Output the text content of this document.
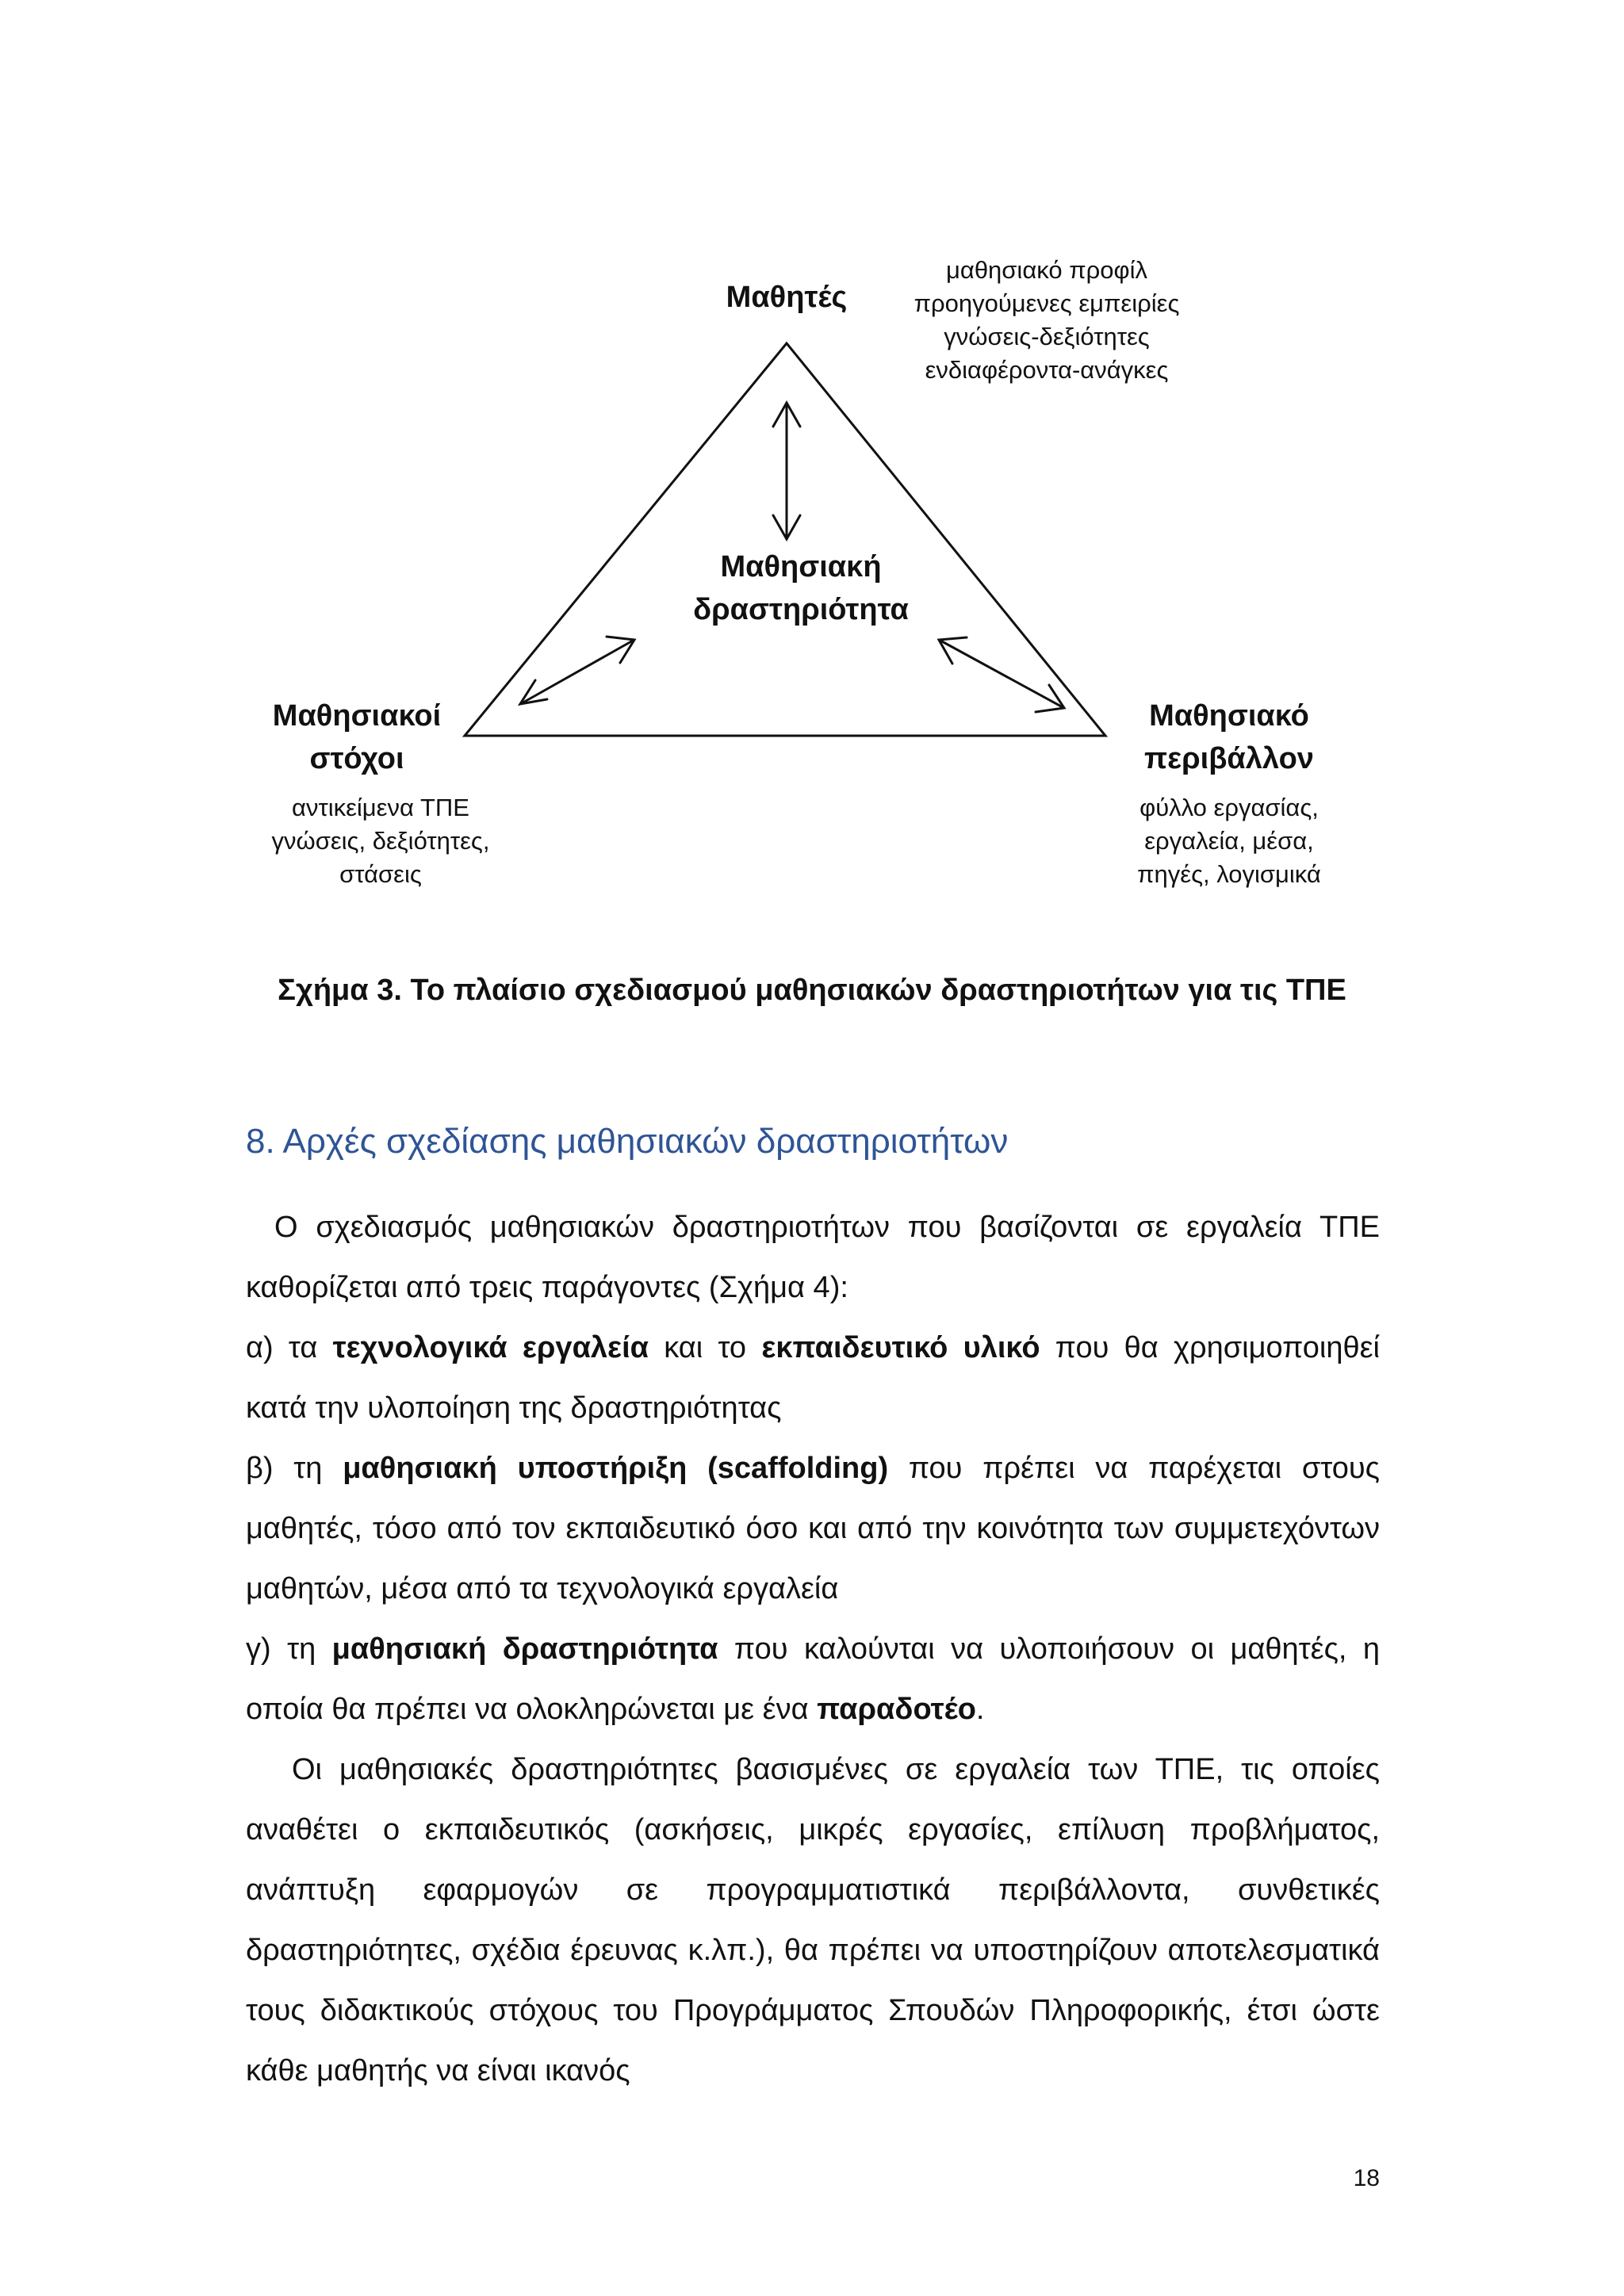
Μαθητές
μαθησιακό προφίλ
προηγούμενες εμπειρίες
γνώσεις-δεξιότητες
ενδιαφέροντα-ανάγκες
Μαθησιακή
δραστηριότητα
Μαθησιακοί
στόχοι
αντικείμενα ΤΠΕ
γνώσεις, δεξιότητες,
στάσεις
Μαθησιακό
περιβάλλον
φύλλο εργασίας,
εργαλεία, μέσα,
πηγές, λογισμικά
Σχήμα 3. Το πλαίσιο σχεδιασμού μαθησιακών δραστηριοτήτων για τις ΤΠΕ
8. Αρχές σχεδίασης μαθησιακών δραστηριοτήτων

Ο σχεδιασμός μαθησιακών δραστηριοτήτων που βασίζονται σε εργαλεία ΤΠΕ καθορίζεται από τρεις παράγοντες (Σχήμα 4):

α) τα τεχνολογικά εργαλεία και το εκπαιδευτικό υλικό που θα χρησιμοποιηθεί κατά την υλοποίηση της δραστηριότητας

β) τη μαθησιακή υποστήριξη (scaffolding) που πρέπει να παρέχεται στους μαθητές, τόσο από τον εκπαιδευτικό όσο και από την κοινότητα των συμμετεχόντων μαθητών, μέσα από τα τεχνολογικά εργαλεία

γ) τη μαθησιακή δραστηριότητα που καλούνται να υλοποιήσουν οι μαθητές, η οποία θα πρέπει να ολοκληρώνεται με ένα παραδοτέο.

Οι μαθησιακές δραστηριότητες βασισμένες σε εργαλεία των ΤΠΕ, τις οποίες αναθέτει ο εκπαιδευτικός (ασκήσεις, μικρές εργασίες, επίλυση προβλήματος, ανάπτυξη εφαρμογών σε προγραμματιστικά περιβάλλοντα, συνθετικές δραστηριότητες, σχέδια έρευνας κ.λπ.), θα πρέπει να υποστηρίζουν αποτελεσματικά τους διδακτικούς στόχους του Προγράμματος Σπουδών Πληροφορικής, έτσι ώστε κάθε μαθητής να είναι ικανός

18
